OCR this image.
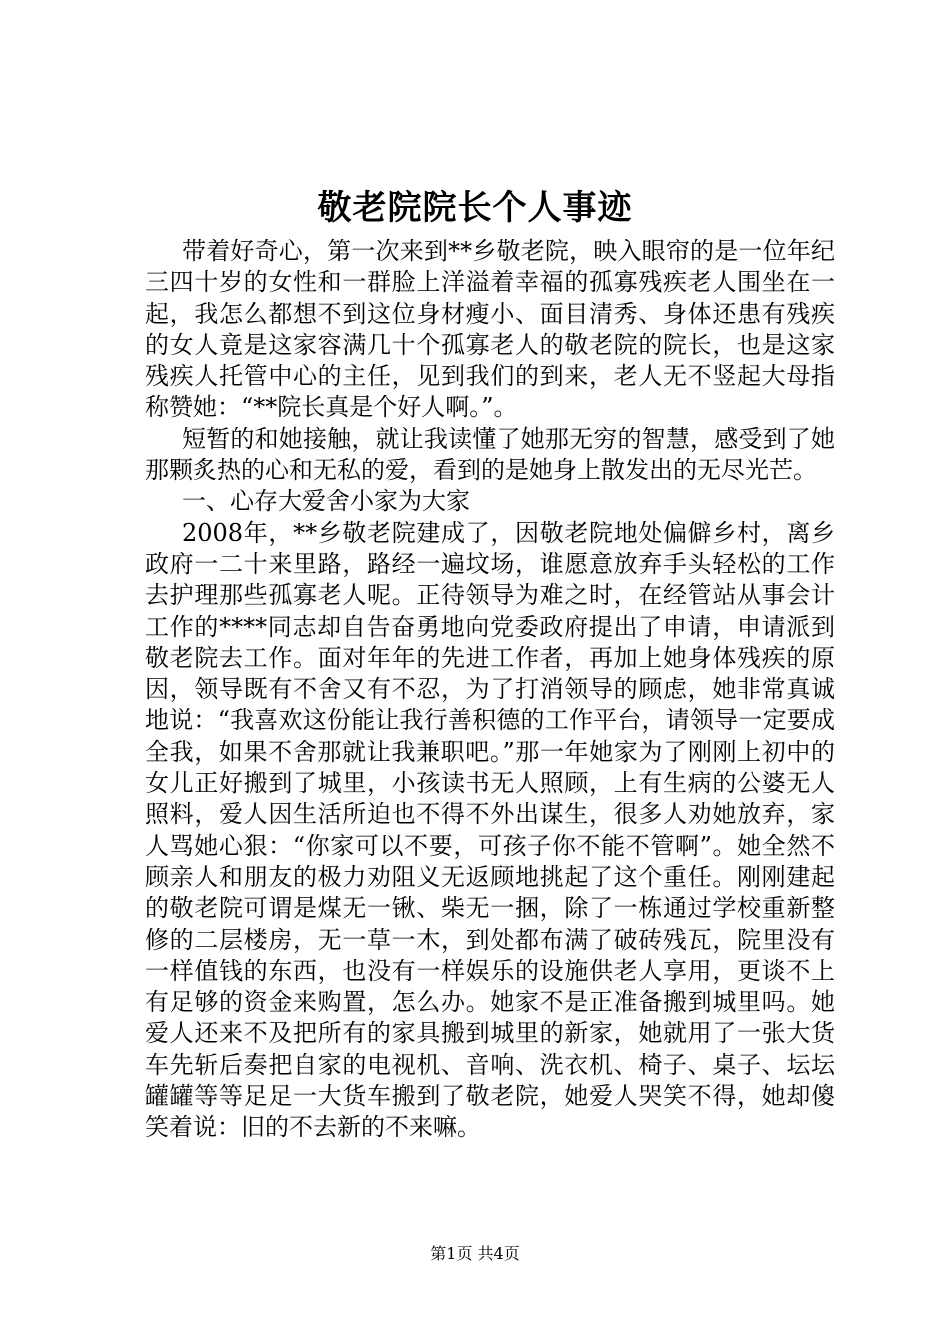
敬老院院长个人事迹

带着好奇心，第一次来到**乡敬老院，映入眼帘的是一位年纪三四十岁的女性和一群脸上洋溢着幸福的孤寡残疾老人围坐在一起，我怎么都想不到这位身材瘦小、面目清秀、身体还患有残疾的女人竟是这家容满几十个孤寡老人的敬老院的院长，也是这家残疾人托管中心的主任，见到我们的到来，老人无不竖起大母指称赞她：“**院长真是个好人啊。”。

短暂的和她接触，就让我读懂了她那无穷的智慧，感受到了她那颗炙热的心和无私的爱，看到的是她身上散发出的无尽光芒。

一、心存大爱舍小家为大家

2008年，**乡敬老院建成了，因敬老院地处偏僻乡村，离乡政府一二十来里路，路经一遍坟场，谁愿意放弃手头轻松的工作去护理那些孤寡老人呢。正待领导为难之时，在经管站从事会计工作的****同志却自告奋勇地向党委政府提出了申请，申请派到敬老院去工作。面对年年的先进工作者，再加上她身体残疾的原因，领导既有不舍又有不忍，为了打消领导的顾虑，她非常真诚地说：“我喜欢这份能让我行善积德的工作平台，请领导一定要成全我，如果不舍那就让我兼职吧。”那一年她家为了刚刚上初中的女儿正好搬到了城里，小孩读书无人照顾，上有生病的公婆无人照料，爱人因生活所迫也不得不外出谋生，很多人劝她放弃，家人骂她心狠：“你家可以不要，可孩子你不能不管啊”。她全然不顾亲人和朋友的极力劝阻义无返顾地挑起了这个重任。刚刚建起的敬老院可谓是煤无一锹、柴无一捆，除了一栋通过学校重新整修的二层楼房，无一草一木，到处都布满了破砖残瓦，院里没有一样值钱的东西，也没有一样娱乐的设施供老人享用，更谈不上有足够的资金来购置，怎么办。她家不是正准备搬到城里吗。她爱人还来不及把所有的家具搬到城里的新家，她就用了一张大货车先斩后奏把自家的电视机、音响、洗衣机、椅子、桌子、坛坛罐罐等等足足一大货车搬到了敬老院，她爱人哭笑不得，她却傻笑着说：旧的不去新的不来嘛。

第1页 共4页
